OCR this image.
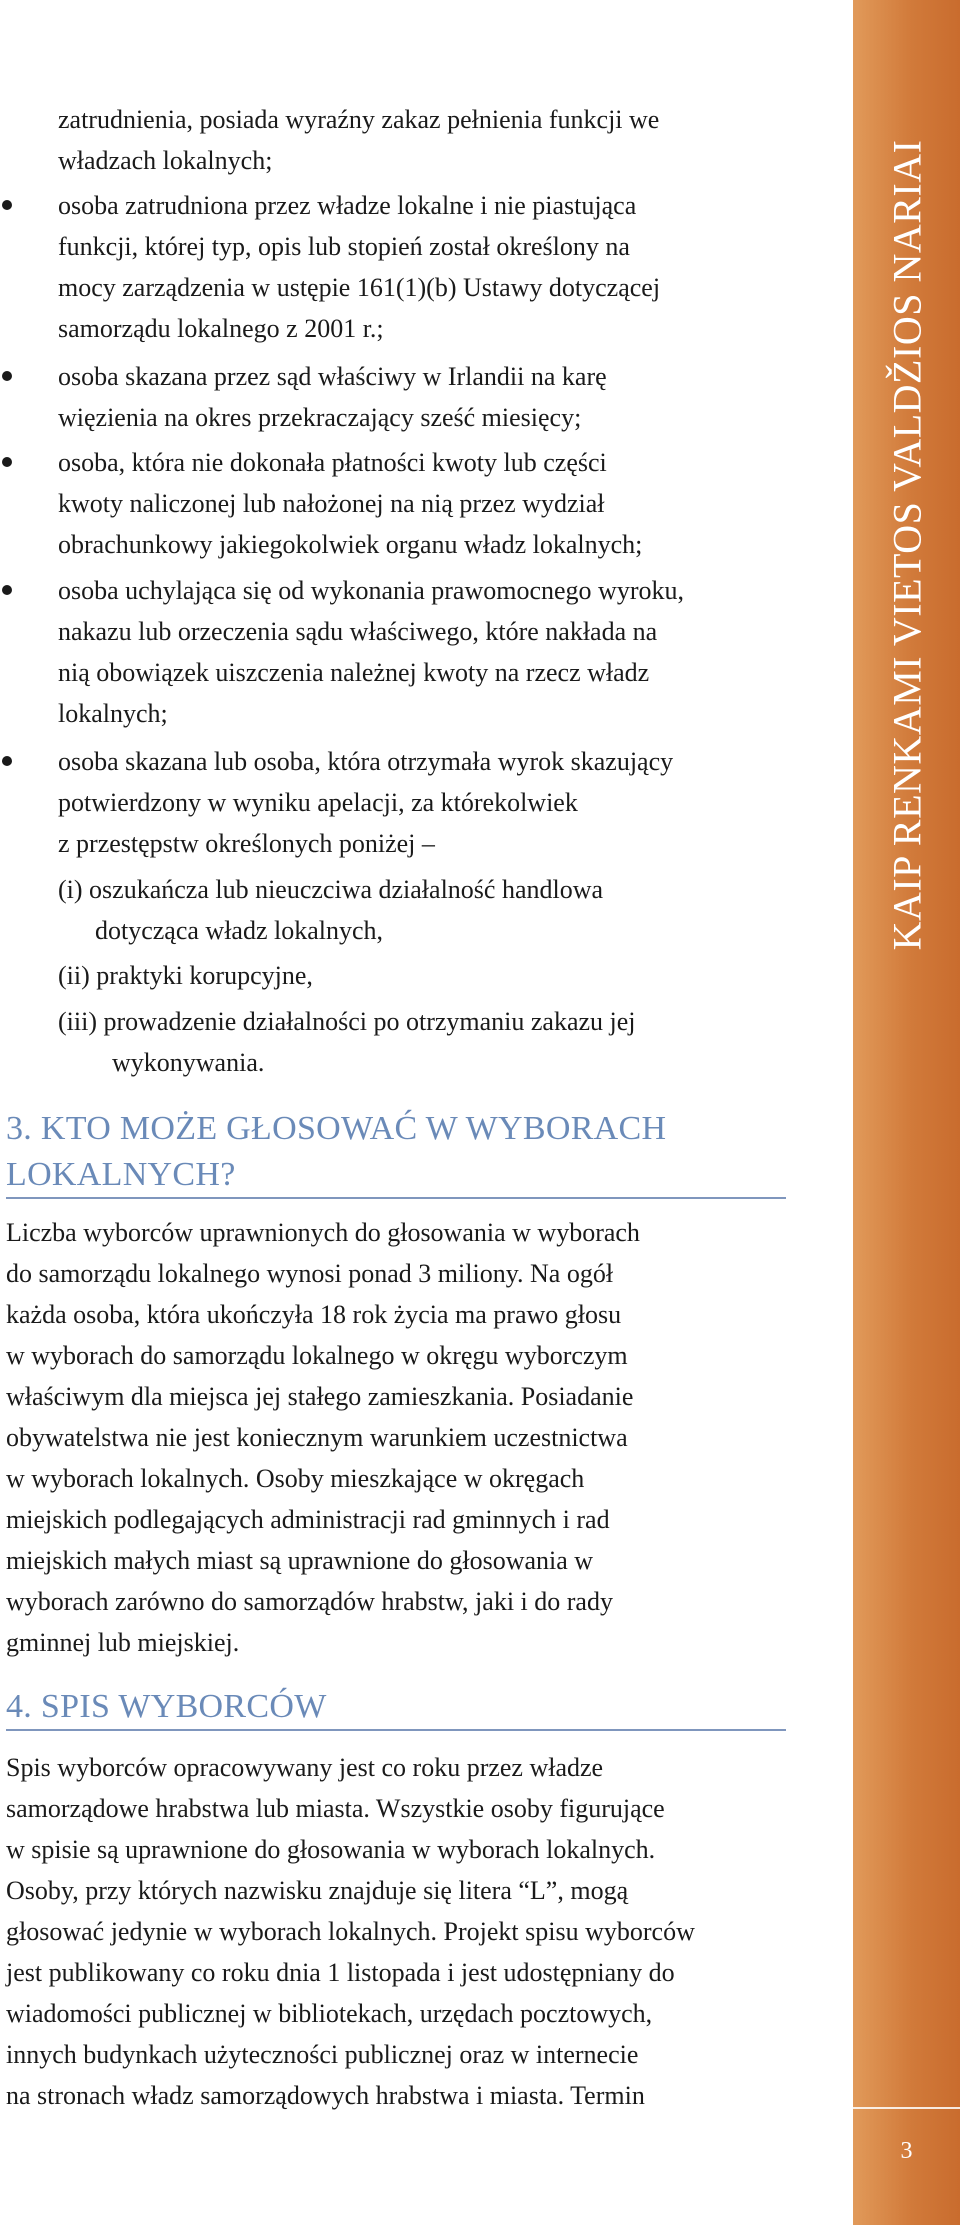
zatrudnienia, posiada wyraźny zakaz pełnienia funkcji we
władzach lokalnych;
osoba zatrudniona przez władze lokalne i nie piastująca
funkcji, której typ, opis lub stopień został określony na
mocy zarządzenia w ustępie 161(1)(b) Ustawy dotyczącej
samorządu lokalnego z 2001 r.;
osoba skazana przez sąd właściwy w Irlandii na karę
więzienia na okres przekraczający sześć miesięcy;
osoba, która nie dokonała płatności kwoty lub części
kwoty naliczonej lub nałożonej na nią przez wydział
obrachunkowy jakiegokolwiek organu władz lokalnych;
osoba uchylająca się od wykonania prawomocnego wyroku,
nakazu lub orzeczenia sądu właściwego, które nakłada na
nią obowiązek uiszczenia należnej kwoty na rzecz władz
lokalnych;
osoba skazana lub osoba, która otrzymała wyrok skazujący
potwierdzony w wyniku apelacji, za którekolwiek
z przestępstw określonych poniżej –
(i) oszukańcza lub nieuczciwa działalność handlowa
dotycząca władz lokalnych,
(ii) praktyki korupcyjne,
(iii) prowadzenie działalności po otrzymaniu zakazu jej
wykonywania.
3. KTO MOŻE GŁOSOWAĆ W WYBORACH
LOKALNYCH?
Liczba wyborców uprawnionych do głosowania w wyborach
do samorządu lokalnego wynosi ponad 3 miliony. Na ogół
każda osoba, która ukończyła 18 rok życia ma prawo głosu
w wyborach do samorządu lokalnego w okręgu wyborczym
właściwym dla miejsca jej stałego zamieszkania. Posiadanie
obywatelstwa nie jest koniecznym warunkiem uczestnictwa
w wyborach lokalnych. Osoby mieszkające w okręgach
miejskich podlegających administracji rad gminnych i rad
miejskich małych miast są uprawnione do głosowania w
wyborach zarówno do samorządów hrabstw, jaki i do rady
gminnej lub miejskiej.
4. SPIS WYBORCÓW
Spis wyborców opracowywany jest co roku przez władze
samorządowe hrabstwa lub miasta. Wszystkie osoby figurujące
w spisie są uprawnione do głosowania w wyborach lokalnych.
Osoby, przy których nazwisku znajduje się litera “L”, mogą
głosować jedynie w wyborach lokalnych. Projekt spisu wyborców
jest publikowany co roku dnia 1 listopada i jest udostępniany do
wiadomości publicznej w bibliotekach, urzędach pocztowych,
innych budynkach użyteczności publicznej oraz w internecie
na stronach władz samorządowych hrabstwa i miasta. Termin
KAIP RENKAMI VIETOS VALDŽIOS NARIAI
3
